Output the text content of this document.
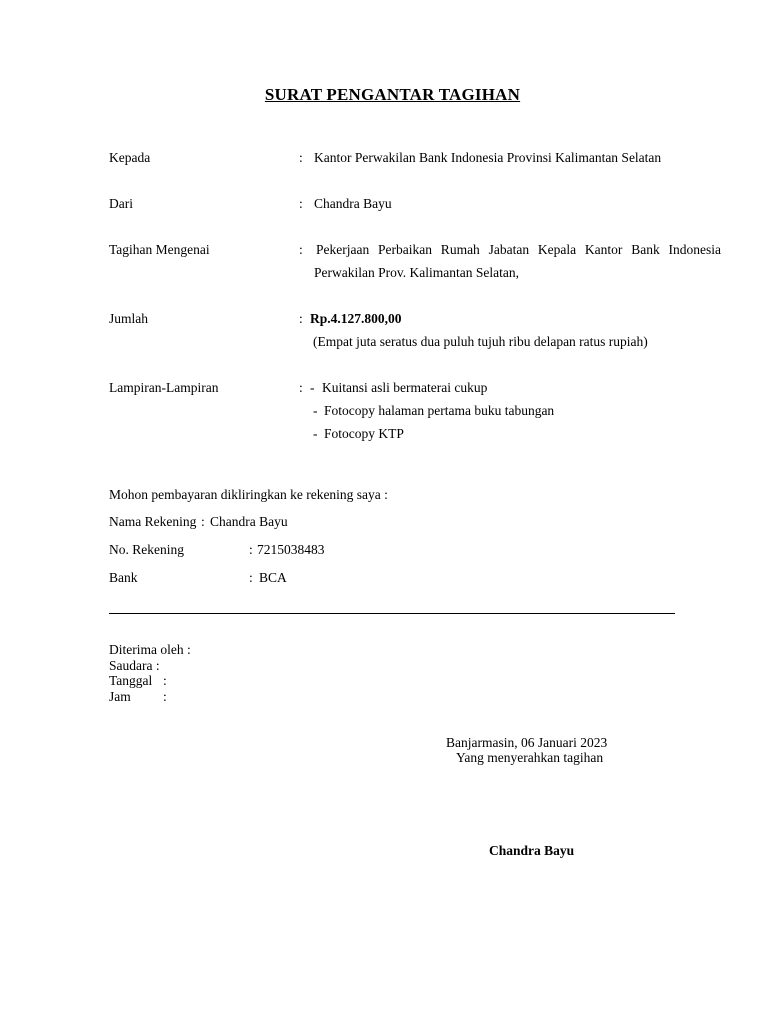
SURAT PENGANTAR TAGIHAN
Kepada	: Kantor Perwakilan Bank Indonesia Provinsi Kalimantan Selatan
Dari	: Chandra Bayu
Tagihan Mengenai	: Pekerjaan Perbaikan Rumah Jabatan Kepala Kantor Bank Indonesia
Perwakilan Prov. Kalimantan Selatan,
Jumlah	: Rp.4.127.800,00
(Empat juta seratus dua puluh tujuh ribu delapan ratus rupiah)
Lampiran-Lampiran	: - Kuitansi asli bermaterai cukup
- Fotocopy halaman pertama buku tabungan
- Fotocopy KTP
Mohon pembayaran dikliringkan ke rekening saya :
Nama Rekening : Chandra Bayu
No. Rekening	: 7215038483
Bank	: BCA
Diterima oleh :
Saudara :
Tanggal :
Jam :
Banjarmasin, 06 Januari 2023
Yang menyerahkan tagihan
Chandra Bayu
